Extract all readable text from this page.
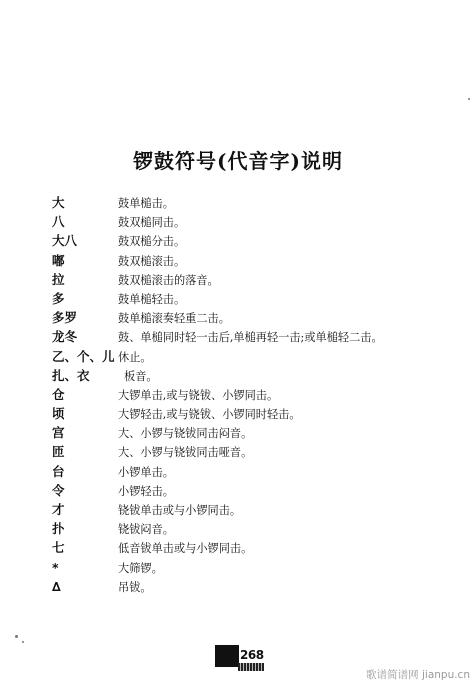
锣鼓符号(代音字)说明
大	鼓单槌击。
八	鼓双槌同击。
大八	鼓双槌分击。
嘟	鼓双槌滚击。
拉	鼓双槌滚击的落音。
多	鼓单槌轻击。
多罗	鼓单槌滚奏轻重二击。
龙冬	鼓、单槌同时轻一击后,单槌再轻一击;或单槌轻二击。
乙、个、儿 休止。
扎、衣	板音。
仓	大锣单击,或与铙钹、小锣同击。
顷	大锣轻击,或与铙钹、小锣同时轻击。
宫	大、小锣与铙钹同击闷音。
匝	大、小锣与铙钹同击哑音。
台	小锣单击。
令	小锣轻击。
才	铙钹单击或与小锣同击。
扑	铙钹闷音。
七	低音钹单击或与小锣同击。
*	大筛锣。
∆	吊钹。
268
歌谱简谱网 jianpu.cn
